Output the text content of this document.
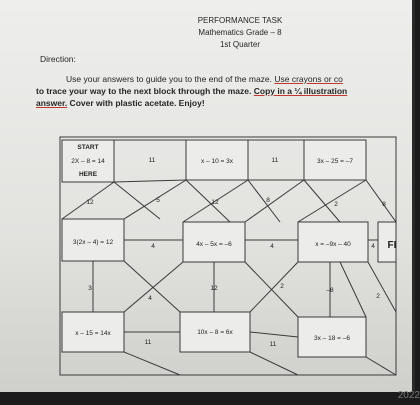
PERFORMANCE TASK
Mathematics Grade – 8
1st Quarter
Direction:
Use your answers to guide you to the end of the maze. Use crayons or co
to trace your way to the next block through the maze. Copy in a ¼ illustration
answer. Cover with plastic acetate. Enjoy!
START
2X – 8 = 14
HERE
x – 10 = 3x	3x – 25 = –7
11	11
12	5	12	8
2	8
3(2x – 4) = 12	4x – 5x = –6	x = –9x – 40
4	4	4 FI
3
4
12	2
–8
2
x – 15 = 14x	10x – 8 = 6x
3x – 18 = –6
11	11
2022
